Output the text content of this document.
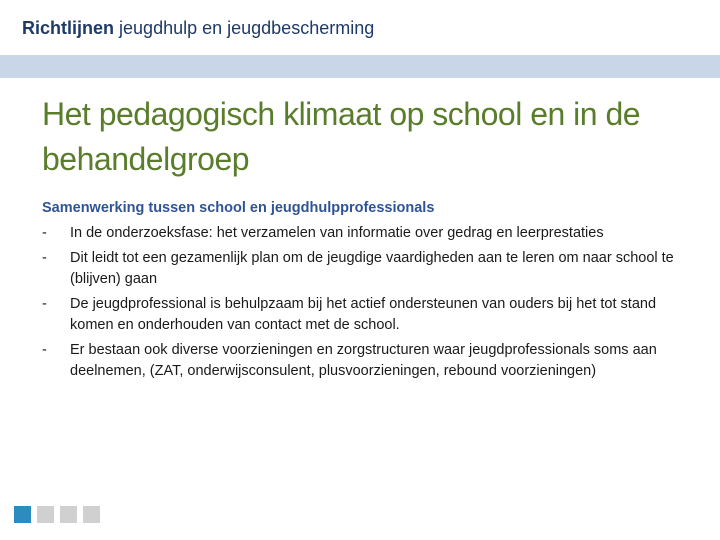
Richtlijnen jeugdhulp en jeugdbescherming
Het pedagogisch klimaat op school en in de behandelgroep
Samenwerking tussen school en jeugdhulpprofessionals
-	In de onderzoeksfase: het verzamelen van informatie over gedrag en leerprestaties
-	Dit leidt tot een gezamenlijk plan om de jeugdige vaardigheden aan te leren om naar school te (blijven) gaan
-	De jeugdprofessional is behulpzaam bij het actief ondersteunen van ouders bij het tot stand komen en onderhouden van contact met de school.
-	Er bestaan ook diverse voorzieningen en zorgstructuren waar jeugdprofessionals soms aan deelnemen, (ZAT, onderwijsconsulent, plusvoorzieningen, rebound voorzieningen)
